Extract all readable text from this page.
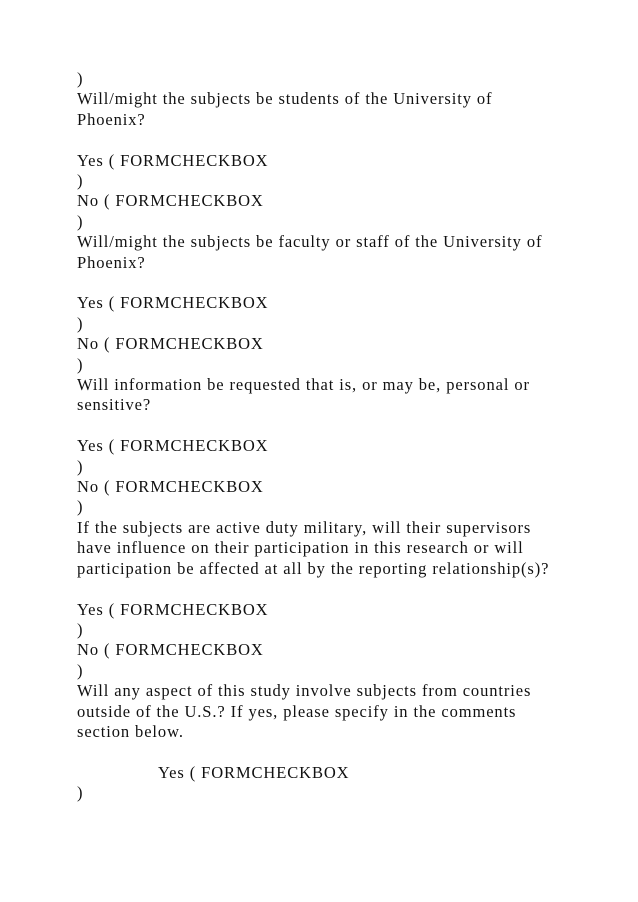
)
Will/might the subjects be students of the University of
Phoenix?
Yes ( FORMCHECKBOX
)
No ( FORMCHECKBOX
)
Will/might the subjects be faculty or staff of the University of
Phoenix?
Yes ( FORMCHECKBOX
)
No ( FORMCHECKBOX
)
Will information be requested that is, or may be, personal or
sensitive?
Yes ( FORMCHECKBOX
)
No ( FORMCHECKBOX
)
If the subjects are active duty military, will their supervisors
have influence on their participation in this research or will
participation be affected at all by the reporting relationship(s)?
Yes ( FORMCHECKBOX
)
No ( FORMCHECKBOX
)
Will any aspect of this study involve subjects from countries
outside of the U.S.? If yes, please specify in the comments
section below.
Yes ( FORMCHECKBOX
)
